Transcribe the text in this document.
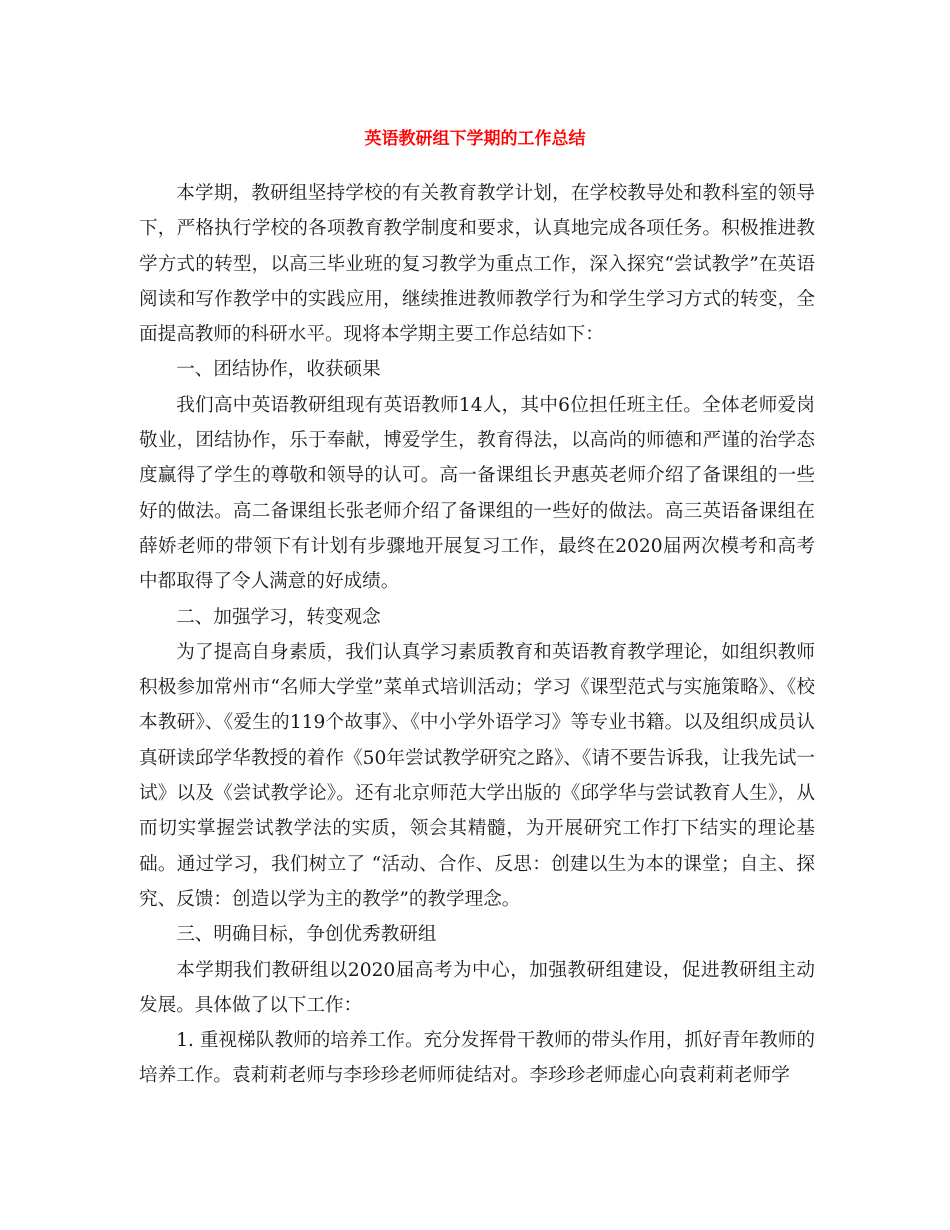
英语教研组下学期的工作总结

本学期，教研组坚持学校的有关教育教学计划，在学校教导处和教科室的领导下，严格执行学校的各项教育教学制度和要求，认真地完成各项任务。积极推进教学方式的转型，以高三毕业班的复习教学为重点工作，深入探究“尝试教学”在英语阅读和写作教学中的实践应用，继续推进教师教学行为和学生学习方式的转变，全面提高教师的科研水平。现将本学期主要工作总结如下：

一、团结协作，收获硕果

我们高中英语教研组现有英语教师14人，其中6位担任班主任。全体老师爱岗敬业，团结协作，乐于奉献，博爱学生，教育得法，以高尚的师德和严谨的治学态度赢得了学生的尊敬和领导的认可。高一备课组长尹惠英老师介绍了备课组的一些好的做法。高二备课组长张老师介绍了备课组的一些好的做法。高三英语备课组在薛娇老师的带领下有计划有步骤地开展复习工作，最终在2020届两次模考和高考中都取得了令人满意的好成绩。

二、加强学习，转变观念

为了提高自身素质，我们认真学习素质教育和英语教育教学理论，如组织教师积极参加常州市“名师大学堂”菜单式培训活动；学习《课型范式与实施策略》、《校本教研》、《爱生的119个故事》、《中小学外语学习》等专业书籍。以及组织成员认真研读邱学华教授的着作《50年尝试教学研究之路》、《请不要告诉我，让我先试一试》以及《尝试教学论》。还有北京师范大学出版的《邱学华与尝试教育人生》，从而切实掌握尝试教学法的实质，领会其精髓，为开展研究工作打下结实的理论基础。通过学习，我们树立了 “活动、合作、反思：创建以生为本的课堂；自主、探究、反馈：创造以学为主的教学”的教学理念。

三、明确目标，争创优秀教研组

本学期我们教研组以2020届高考为中心，加强教研组建设，促进教研组主动发展。具体做了以下工作：

1. 重视梯队教师的培养工作。充分发挥骨干教师的带头作用，抓好青年教师的培养工作。袁莉莉老师与李珍珍老师师徒结对。李珍珍老师虚心向袁莉莉老师学
